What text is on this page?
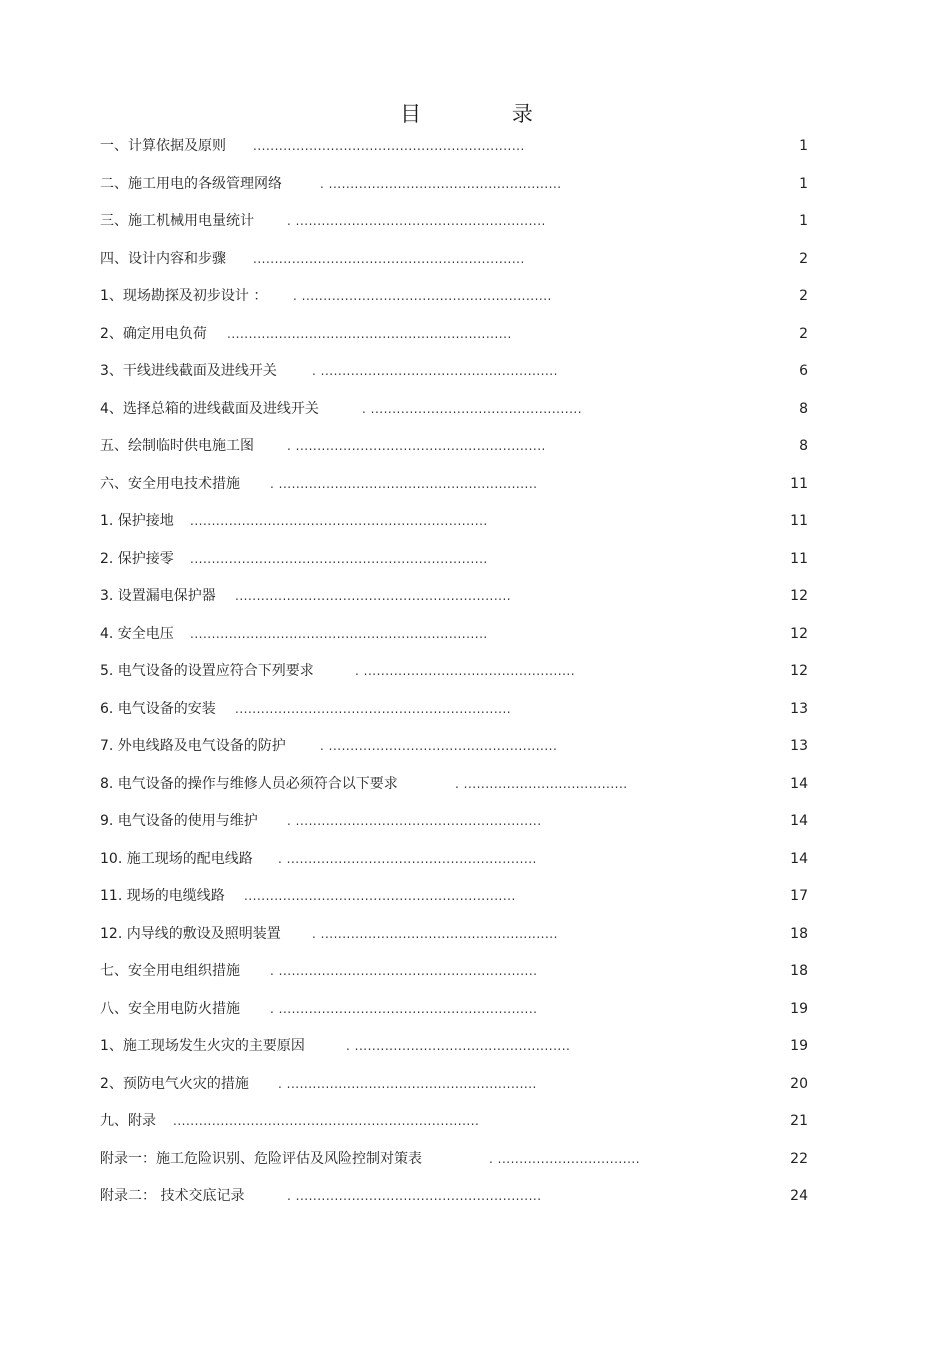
目 录
一、计算依据及原则 ...............................................................	1
二、施工用电的各级管理网络	. ......................................................	1
三、施工机械用电量统计	. ..........................................................	1
四、设计内容和步骤 ...............................................................	2
1、现场勘探及初步设计 ： . ..........................................................	2
2、确定用电负荷 ..................................................................	2
3、干线进线截面及进线开关	. .......................................................	6
4、选择总箱的进线截面及进线开关	. .................................................	8
五、绘制临时供电施工图	. ..........................................................	8
六、安全用电技术措施	. ............................................................	11
1. 保护接地 .....................................................................	11
2. 保护接零 .....................................................................	11
3. 设置漏电保护器 ................................................................	12
4. 安全电压 .....................................................................	12
5. 电气设备的设置应符合下列要求	. .................................................	12
6. 电气设备的安装 ................................................................	13
7. 外电线路及电气设备的防护	. .....................................................	13
8. 电气设备的操作与维修人员必须符合以下要求	. ......................................	14
9. 电气设备的使用与维护 . .........................................................	14
10. 施工现场的配电线路 . ..........................................................	14
11. 现场的电缆线路 ...............................................................	17
12. 内导线的敷设及照明装置	. .......................................................	18
七、安全用电组织措施	. ............................................................	18
八、安全用电防火措施	. ............................................................	19
1、施工现场发生火灾的主要原因	. ..................................................	19
2、预防电气火灾的措施 . ..........................................................	20
九、附录 .......................................................................	21
附录一：施工危险识别、危险评估及风险控制对策表	. .................................	22
附录二： 技术交底记录	. .........................................................	24
